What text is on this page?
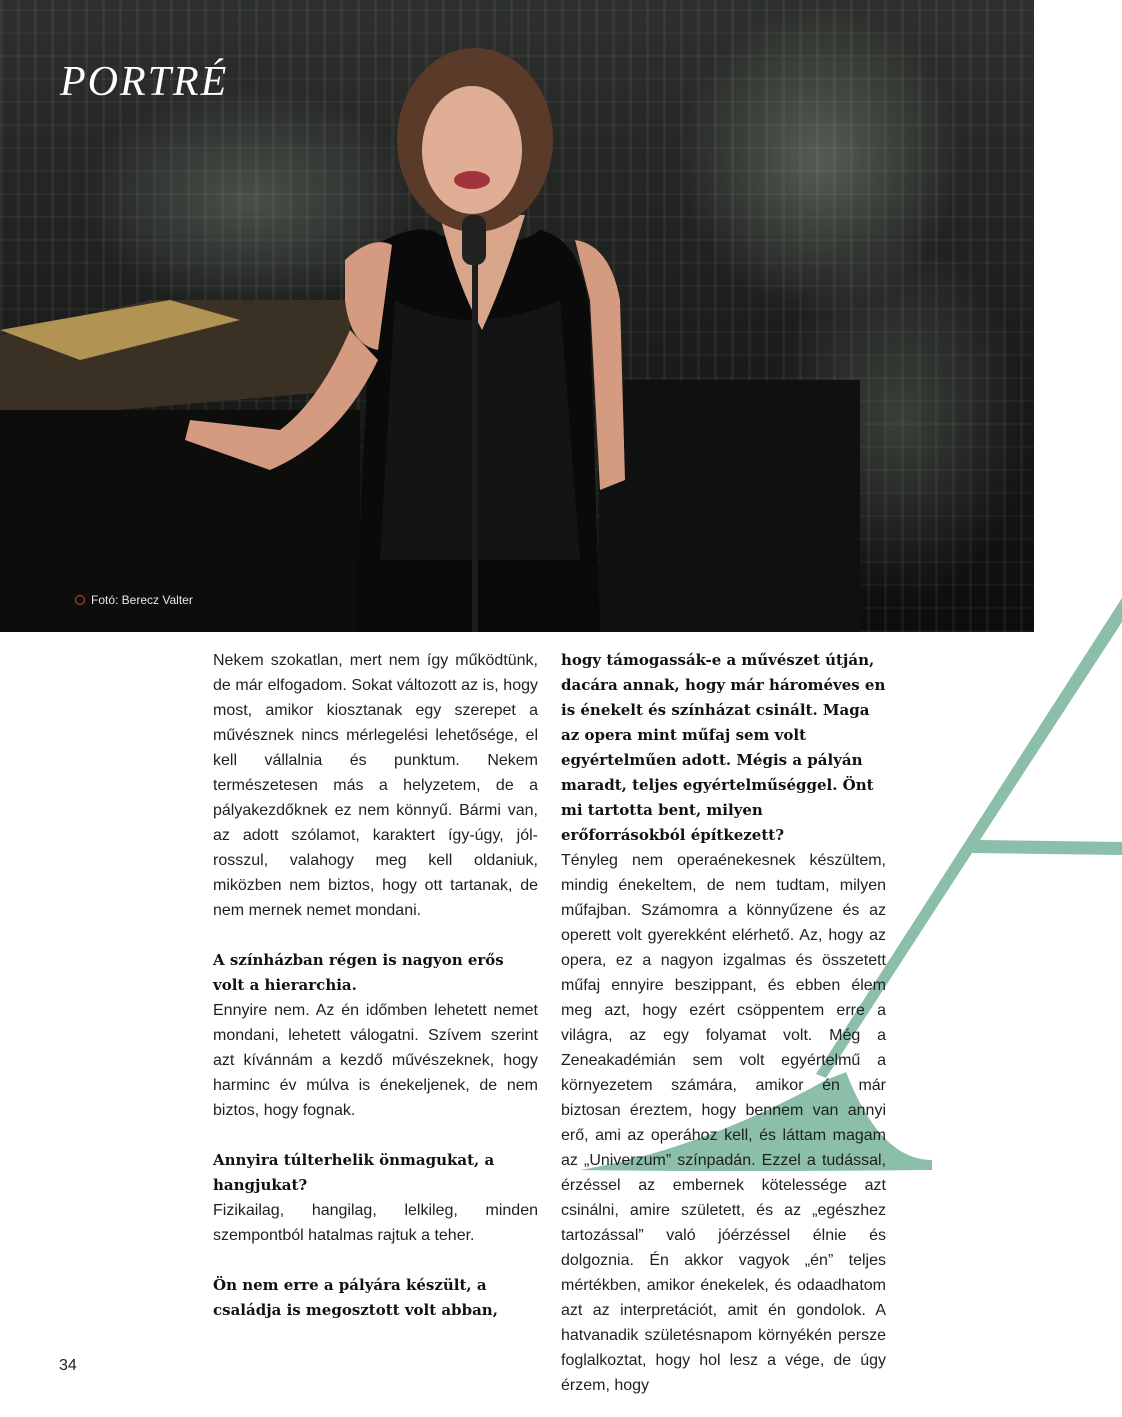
PORTRÉ
Fotó: Berecz Valter

Nekem szokatlan, mert nem így működtünk, de már elfogadom. Sokat változott az is, hogy most, amikor kiosztanak egy szerepet a művésznek nincs mérlegelési lehetősége, el kell vállalnia és punktum. Nekem természetesen más a helyzetem, de a pályakezdőknek ez nem könnyű. Bármi van, az adott szólamot, karaktert így-úgy, jól-rosszul, valahogy meg kell oldaniuk, miközben nem biztos, hogy ott tartanak, de nem mernek nemet mondani.

A színházban régen is nagyon erős volt a hierarchia.

Ennyire nem. Az én időmben lehetett nemet mondani, lehetett válogatni. Szívem szerint azt kívánnám a kezdő művészeknek, hogy harminc év múlva is énekeljenek, de nem biztos, hogy fognak.

Annyira túlterhelik önmagukat, a hangjukat?

Fizikailag, hangilag, lelkileg, minden szempontból hatalmas rajtuk a teher.

Ön nem erre a pályára készült, a családja is megosztott volt abban,

hogy támogassák-e a művészet útján, dacára annak, hogy már hároméves en is énekelt és színházat csinált. Maga az opera mint műfaj sem volt egyértelműen adott. Mégis a pályán maradt, teljes egyértelműséggel. Önt mi tartotta bent, milyen erőforrásokból építkezett?

Tényleg nem operaénekesnek készültem, mindig énekeltem, de nem tudtam, milyen műfajban. Számomra a könnyűzene és az operett volt gyerekként elérhető. Az, hogy az opera, ez a nagyon izgalmas és összetett műfaj ennyire beszippant, és ebben élem meg azt, hogy ezért csöppentem erre a világra, az egy folyamat volt. Még a Zeneakadémián sem volt egyértelmű a környezetem számára, amikor én már biztosan éreztem, hogy bennem van annyi erő, ami az operához kell, és láttam magam az „Univerzum” színpadán. Ezzel a tudással, érzéssel az embernek kötelessége azt csinálni, amire született, és az „egészhez tartozással” való jóérzéssel élnie és dolgoznia. Én akkor vagyok „én” teljes mértékben, amikor énekelek, és odaadhatom azt az interpretációt, amit én gondolok. A hatvanadik születésnapom környékén persze foglalkoztat, hogy hol lesz a vége, de úgy érzem, hogy

34
